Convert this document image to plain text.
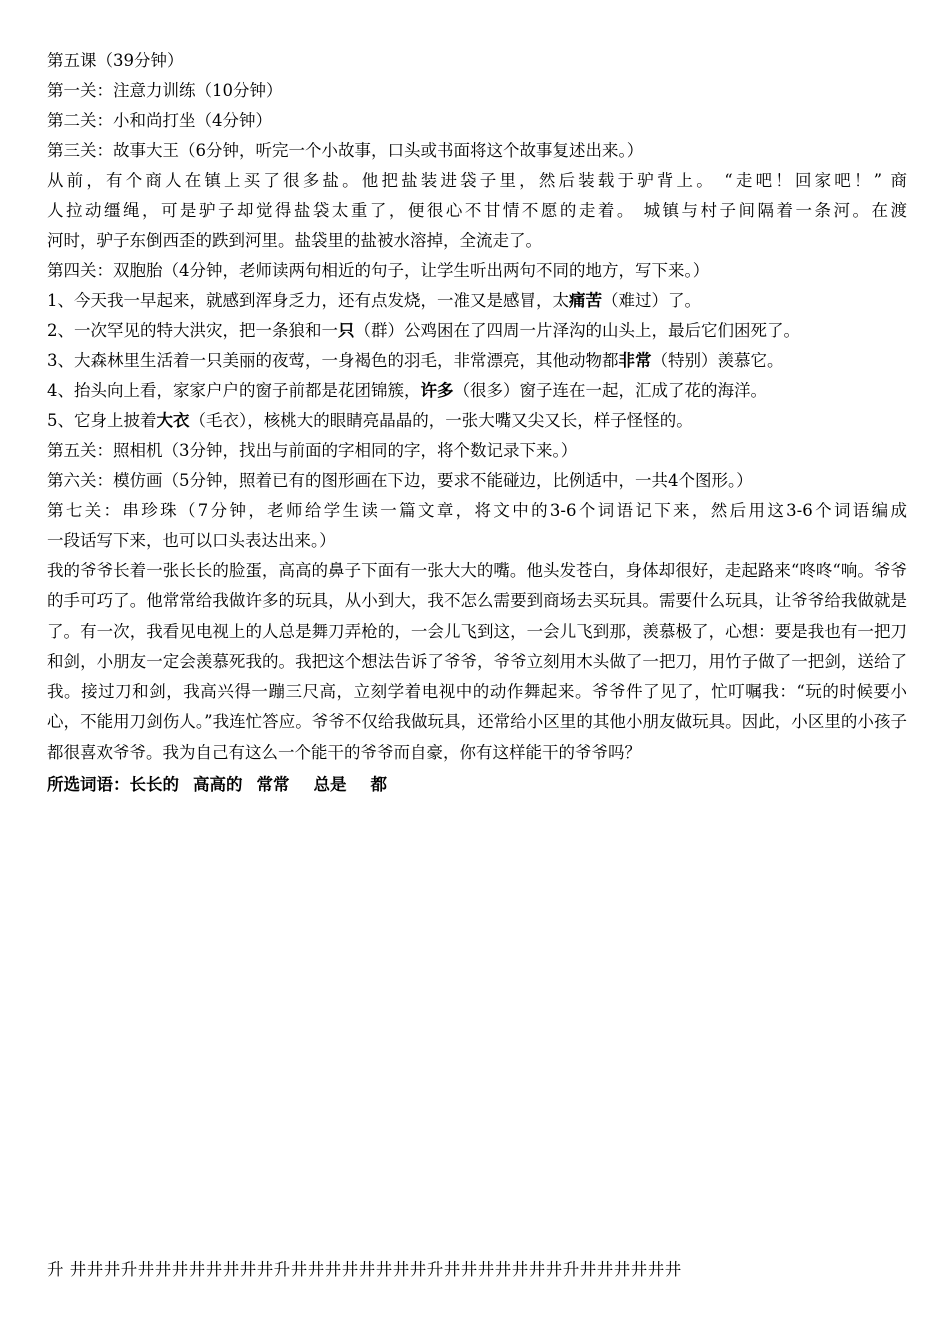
第五课（39分钟）
第一关：注意力训练（10分钟）
第二关：小和尚打坐（4分钟）
第三关：故事大王（6分钟，听完一个小故事，口头或书面将这个故事复述出来。）
从前，有个商人在镇上买了很多盐。他把盐装进袋子里，然后装载于驴背上。 “走吧！回家吧！” 商
人拉动缰绳，可是驴子却觉得盐袋太重了，便很心不甘情不愿的走着。 城镇与村子间隔着一条河。在渡
河时，驴子东倒西歪的跌到河里。盐袋里的盐被水溶掉，全流走了。
第四关：双胞胎（4分钟，老师读两句相近的句子，让学生听出两句不同的地方，写下来。）
1、今天我一早起来，就感到浑身乏力，还有点发烧，一准又是感冒，太痛苦（难过）了。
2、一次罕见的特大洪灾，把一条狼和一只（群）公鸡困在了四周一片泽沟的山头上，最后它们困死了。
3、大森林里生活着一只美丽的夜莺，一身褐色的羽毛，非常漂亮，其他动物都非常（特别）羡慕它。
4、抬头向上看，家家户户的窗子前都是花团锦簇，许多（很多）窗子连在一起，汇成了花的海洋。
5、它身上披着大衣（毛衣），核桃大的眼睛亮晶晶的，一张大嘴又尖又长，样子怪怪的。
第五关：照相机（3分钟，找出与前面的字相同的字，将个数记录下来。）
第六关：模仿画（5分钟，照着已有的图形画在下边，要求不能碰边，比例适中，一共4个图形。）
第七关：串珍珠（7分钟，老师给学生读一篇文章，将文中的3-6个词语记下来，然后用这3-6个词语编成
一段话写下来，也可以口头表达出来。）
我的爷爷长着一张长长的脸蛋，高高的鼻子下面有一张大大的嘴。他头发苍白，身体却很好，走起路来“咚咚“响。爷爷的手可巧了。他常常给我做许多的玩具，从小到大，我不怎么需要到商场去买玩具。需要什么玩具，让爷爷给我做就是了。有一次，我看见电视上的人总是舞刀弄枪的，一会儿飞到这，一会儿飞到那，羡慕极了，心想：要是我也有一把刀和剑，小朋友一定会羡慕死我的。我把这个想法告诉了爷爷，爷爷立刻用木头做了一把刀，用竹子做了一把剑，送给了我。接过刀和剑，我高兴得一蹦三尺高，立刻学着电视中的动作舞起来。爷爷件了见了，忙叮嘱我：“玩的时候要小心，不能用刀剑伤人。”我连忙答应。爷爷不仅给我做玩具，还常给小区里的其他小朋友做玩具。因此，小区里的小孩子都很喜欢爷爷。我为自己有这么一个能干的爷爷而自豪，你有这样能干的爷爷吗？
所选词语：长长的 高高的 常常 总是 都
升 井井井升井井井井井井井井升井井井井井井井井升井井井井井井井升井井井井井井
